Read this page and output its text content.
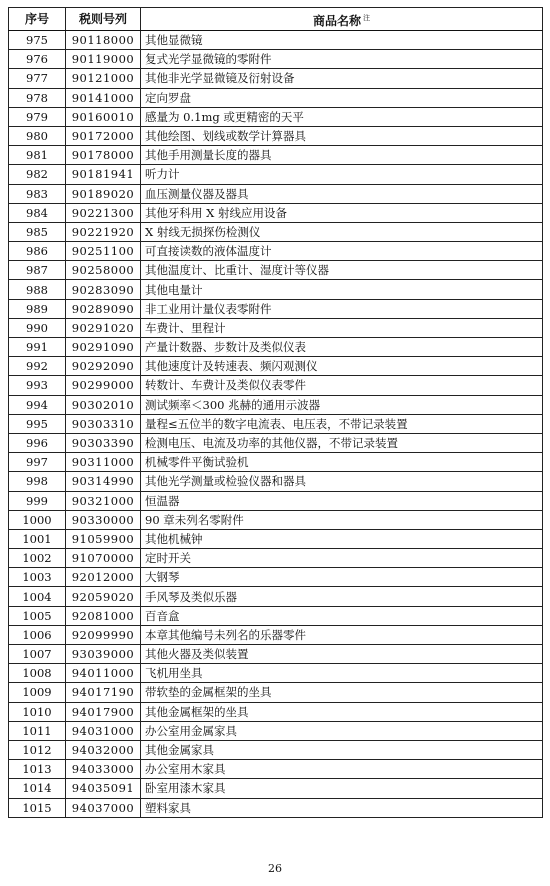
序号	税则号列	商品名称 $^注$
975	90118000	其他显微镜
976	90119000	复式光学显微镜的零附件
977	90121000	其他非光学显微镜及衍射设备
978	90141000	定向罗盘
979	90160010	感量为 0.1mg 或更精密的天平
980	90172000	其他绘图、划线或数学计算器具
981	90178000	其他手用测量长度的器具
982	90181941	听力计
983	90189020	血压测量仪器及器具
984	90221300	其他牙科用 X 射线应用设备
985	90221920	X 射线无损探伤检测仪
986	90251100	可直接读数的液体温度计
987	90258000	其他温度计、比重计、湿度计等仪器
988	90283090	其他电量计
989	90289090	非工业用计量仪表零附件
990	90291020	车费计、里程计
991	90291090	产量计数器、步数计及类似仪表
992	90292090	其他速度计及转速表、频闪观测仪
993	90299000	转数计、车费计及类似仪表零件
994	90302010	测试频率＜300 兆赫的通用示波器
995	90303310	量程≤五位半的数字电流表、电压表，不带记录装置
996	90303390	检测电压、电流及功率的其他仪器，不带记录装置
997	90311000	机械零件平衡试验机
998	90314990	其他光学测量或检验仪器和器具
999	90321000	恒温器
1000	90330000	90 章未列名零附件
1001	91059900	其他机械钟
1002	91070000	定时开关
1003	92012000	大钢琴
1004	92059020	手风琴及类似乐器
1005	92081000	百音盒
1006	92099990	本章其他编号未列名的乐器零件
1007	93039000	其他火器及类似装置
1008	94011000	飞机用坐具
1009	94017190	带软垫的金属框架的坐具
1010	94017900	其他金属框架的坐具
1011	94031000	办公室用金属家具
1012	94032000	其他金属家具
1013	94033000	办公室用木家具
1014	94035091	卧室用漆木家具
1015	94037000	塑料家具
26
